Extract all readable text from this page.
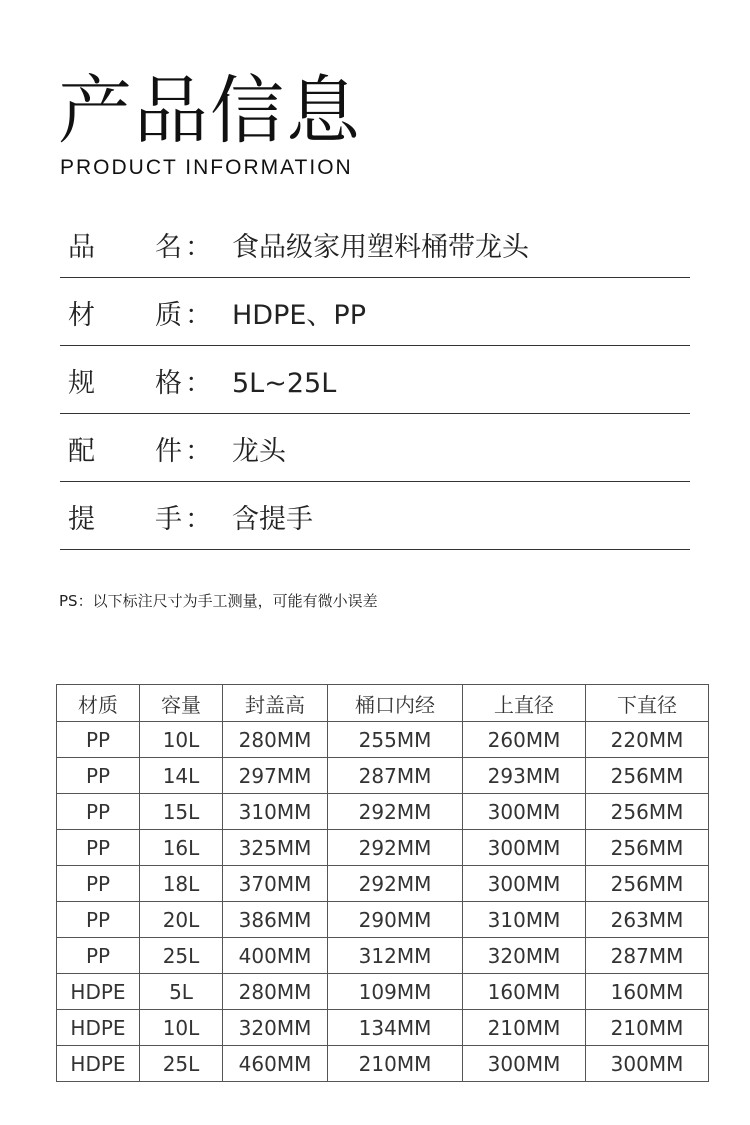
产品信息
PRODUCT INFORMATION
品 名 ： 食品级家用塑料桶带龙头
材 质 ： HDPE、PP
规 格 ： 5L~25L
配 件 ： 龙头
提 手 ： 含提手
PS：以下标注尺寸为手工测量，可能有微小误差
材质	容量	封盖高	桶口内经	上直径	下直径
PP	10L	280MM	255MM	260MM	220MM
PP	14L	297MM	287MM	293MM	256MM
PP	15L	310MM	292MM	300MM	256MM
PP	16L	325MM	292MM	300MM	256MM
PP	18L	370MM	292MM	300MM	256MM
PP	20L	386MM	290MM	310MM	263MM
PP	25L	400MM	312MM	320MM	287MM
HDPE	5L	280MM	109MM	160MM	160MM
HDPE	10L	320MM	134MM	210MM	210MM
HDPE	25L	460MM	210MM	300MM	300MM
